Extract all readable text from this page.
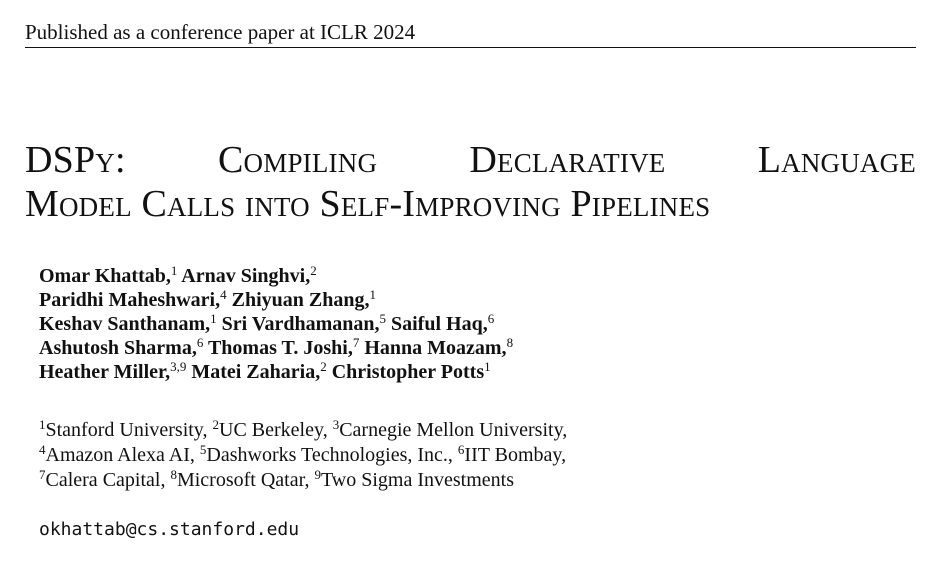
Published as a conference paper at ICLR 2024
DSPy: Compiling Declarative Language
Model Calls into Self-Improving Pipelines
Omar Khattab,$^1$ Arnav Singhvi,$^2$
Paridhi Maheshwari,$^4$ Zhiyuan Zhang,$^1$
Keshav Santhanam,$^1$ Sri Vardhamanan,$^5$ Saiful Haq,$^6$
Ashutosh Sharma,$^6$ Thomas T. Joshi,$^7$ Hanna Moazam,$^8$
Heather Miller,$^{3,9}$ Matei Zaharia,$^2$ Christopher Potts$^1$
$^1$Stanford University, $^2$UC Berkeley, $^3$Carnegie Mellon University,
$^4$Amazon Alexa AI, $^5$Dashworks Technologies, Inc., $^6$IIT Bombay,
$^7$Calera Capital, $^8$Microsoft Qatar, $^9$Two Sigma Investments
okhattab@cs.stanford.edu
